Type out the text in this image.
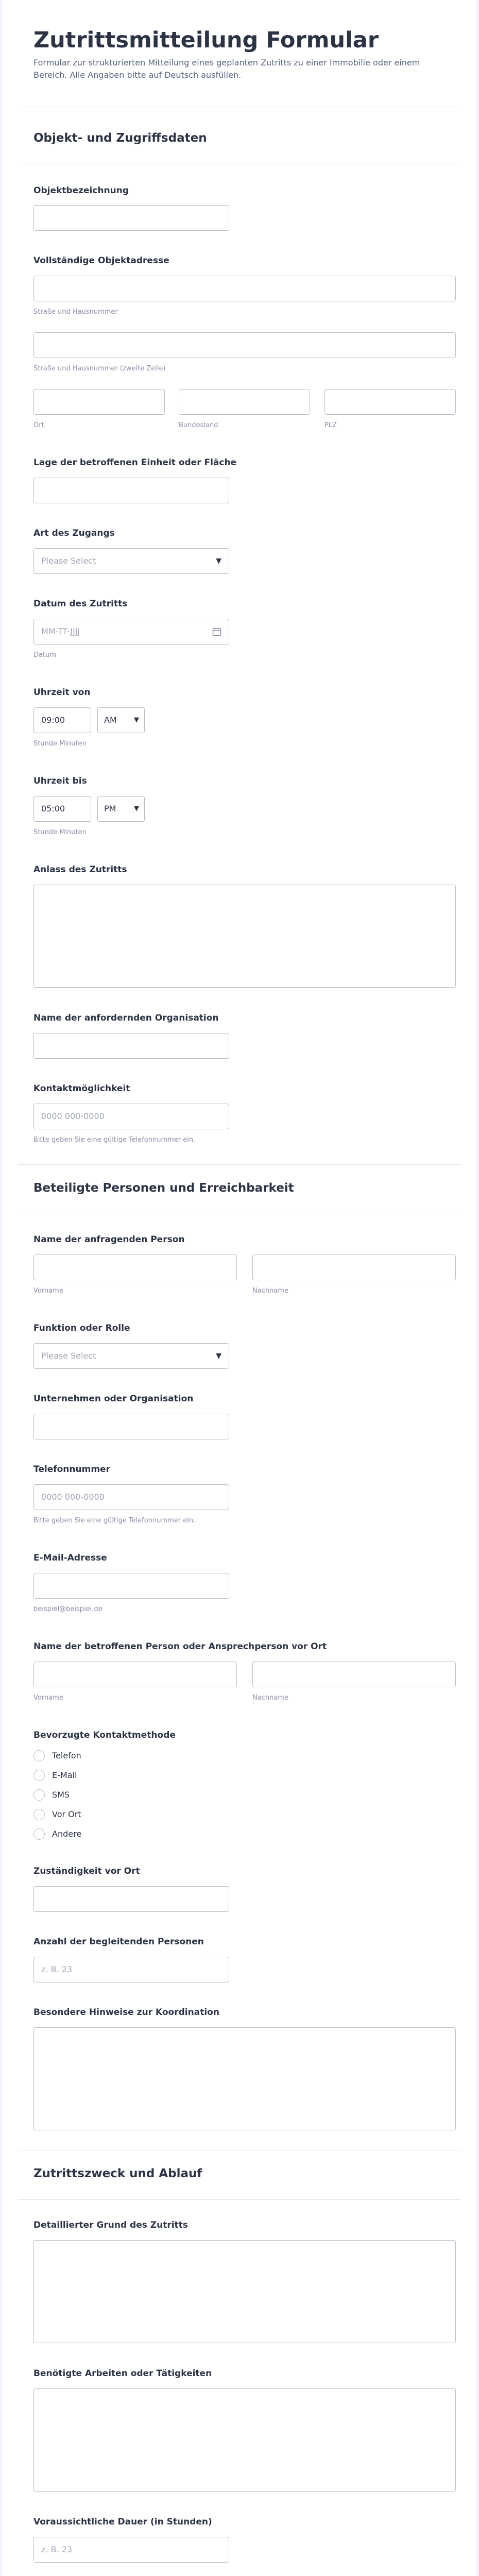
Zutrittsmitteilung Formular
Formular zur strukturierten Mitteilung eines geplanten Zutritts zu einer Immobilie oder einem Bereich. Alle Angaben bitte auf Deutsch ausfüllen.
Objekt- und Zugriffsdaten
Objektbezeichnung
Vollständige Objektadresse
Straße und Hausnummer
Straße und Hausnummer (zweite Zeile)
Ort	Bundesland	PLZ
Lage der betroffenen Einheit oder Fläche
Art des Zugangs
Please Select	▼
Datum des Zutritts
MM-TT-JJJJ
Datum
Uhrzeit von
09:00	AM	▼
Stunde Minuten
Uhrzeit bis
05:00	PM	▼
Stunde Minuten
Anlass des Zutritts
Name der anfordernden Organisation
Kontaktmöglichkeit
0000 000-0000
Bitte geben Sie eine gültige Telefonnummer ein.
Beteiligte Personen und Erreichbarkeit
Name der anfragenden Person
Vorname	Nachname
Funktion oder Rolle
Please Select	▼
Unternehmen oder Organisation
Telefonnummer
0000 000-0000
Bitte geben Sie eine gültige Telefonnummer ein.
E-Mail-Adresse
beispiel@beispiel.de
Name der betroffenen Person oder Ansprechperson vor Ort
Vorname	Nachname
Bevorzugte Kontaktmethode
Telefon
E-Mail
SMS
Vor Ort
Andere
Zuständigkeit vor Ort
Anzahl der begleitenden Personen
z. B. 23
Besondere Hinweise zur Koordination
Zutrittszweck und Ablauf
Detaillierter Grund des Zutritts
Benötigte Arbeiten oder Tätigkeiten
Voraussichtliche Dauer (in Stunden)
z. B. 23
